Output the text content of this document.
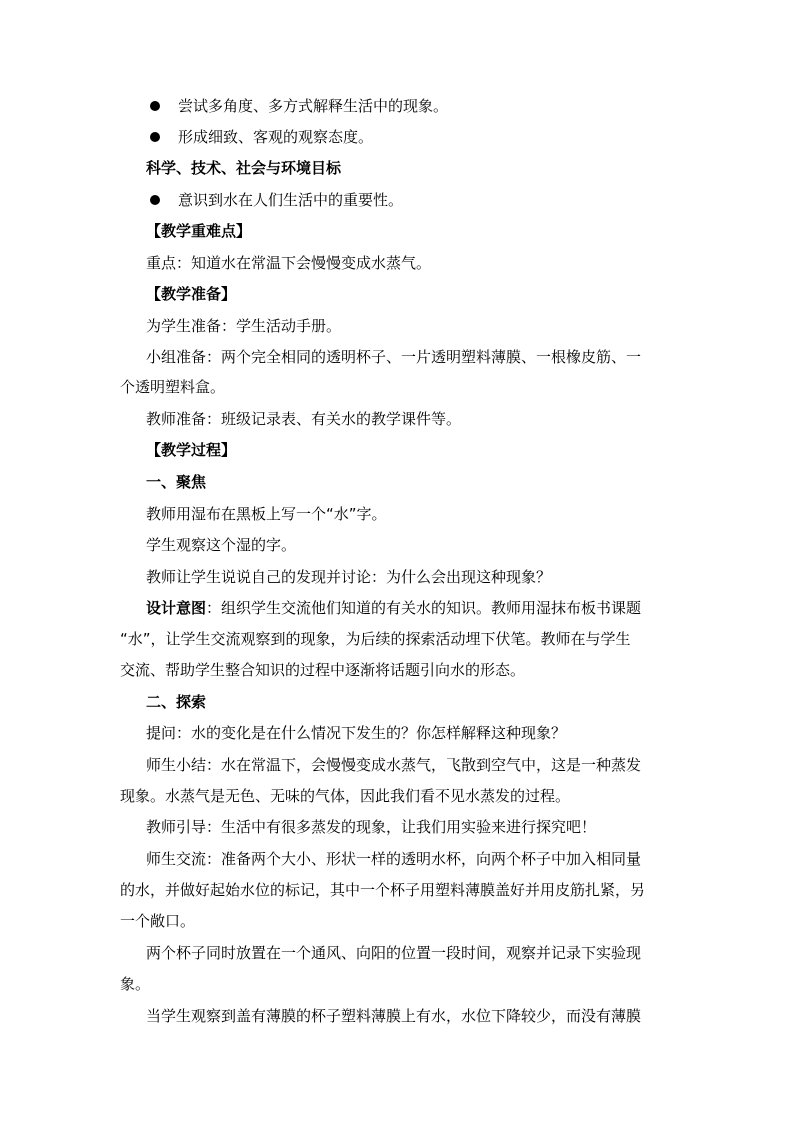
尝试多角度、多方式解释生活中的现象。
形成细致、客观的观察态度。
科学、技术、社会与环境目标
意识到水在人们生活中的重要性。
【教学重难点】
重点：知道水在常温下会慢慢变成水蒸气。
【教学准备】
为学生准备：学生活动手册。
小组准备：两个完全相同的透明杯子、一片透明塑料薄膜、一根橡皮筋、一
个透明塑料盒。
教师准备：班级记录表、有关水的教学课件等。
【教学过程】
一、聚焦
教师用湿布在黑板上写一个“水”字。
学生观察这个湿的字。
教师让学生说说自己的发现并讨论：为什么会出现这种现象？
设计意图：组织学生交流他们知道的有关水的知识。教师用湿抹布板书课题
“水”，让学生交流观察到的现象，为后续的探索活动埋下伏笔。教师在与学生
交流、帮助学生整合知识的过程中逐渐将话题引向水的形态。
二、探索
提问：水的变化是在什么情况下发生的？你怎样解释这种现象？
师生小结：水在常温下，会慢慢变成水蒸气，飞散到空气中，这是一种蒸发
现象。水蒸气是无色、无味的气体，因此我们看不见水蒸发的过程。
教师引导：生活中有很多蒸发的现象，让我们用实验来进行探究吧！
师生交流：准备两个大小、形状一样的透明水杯，向两个杯子中加入相同量
的水，并做好起始水位的标记，其中一个杯子用塑料薄膜盖好并用皮筋扎紧，另
一个敞口。
两个杯子同时放置在一个通风、向阳的位置一段时间，观察并记录下实验现
象。
当学生观察到盖有薄膜的杯子塑料薄膜上有水，水位下降较少，而没有薄膜
